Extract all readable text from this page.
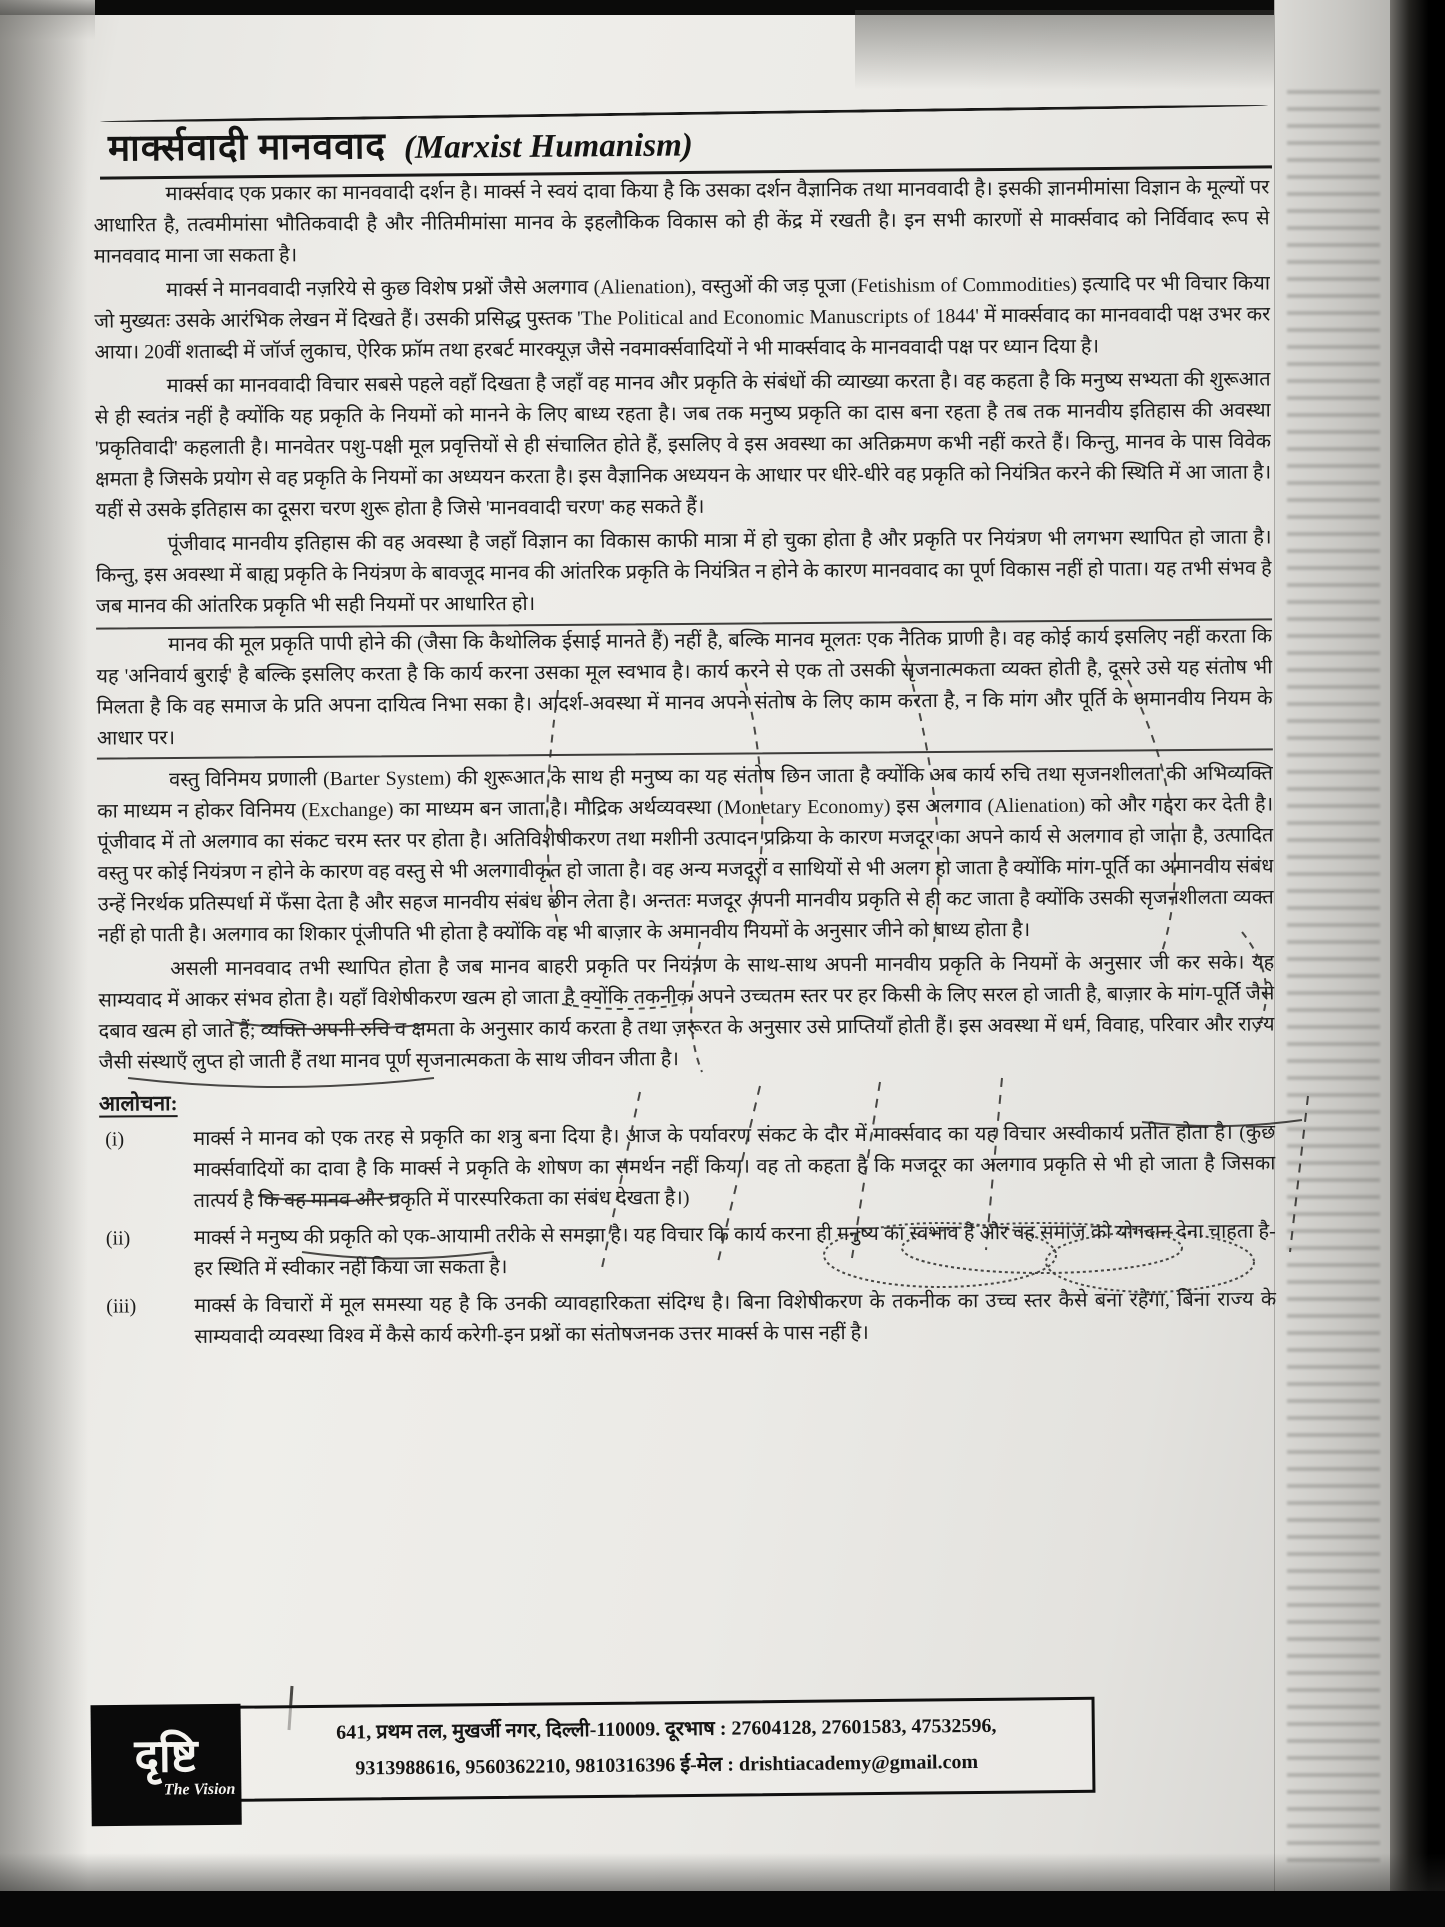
मार्क्सवादी मानववाद (Marxist Humanism)

मार्क्सवाद एक प्रकार का मानववादी दर्शन है। मार्क्स ने स्वयं दावा किया है कि उसका दर्शन वैज्ञानिक तथा मानववादी है। इसकी ज्ञानमीमांसा विज्ञान के मूल्यों पर आधारित है, तत्वमीमांसा भौतिकवादी है और नीतिमीमांसा मानव के इहलौकिक विकास को ही केंद्र में रखती है। इन सभी कारणों से मार्क्सवाद को निर्विवाद रूप से मानववाद माना जा सकता है।

मार्क्स ने मानववादी नज़रिये से कुछ विशेष प्रश्नों जैसे अलगाव (Alienation), वस्तुओं की जड़ पूजा (Fetishism of Commodities) इत्यादि पर भी विचार किया जो मुख्यतः उसके आरंभिक लेखन में दिखते हैं। उसकी प्रसिद्ध पुस्तक 'The Political and Economic Manuscripts of 1844' में मार्क्सवाद का मानववादी पक्ष उभर कर आया। 20वीं शताब्दी में जॉर्ज लुकाच, ऐरिक फ्रॉम तथा हरबर्ट मारक्यूज़ जैसे नवमार्क्सवादियों ने भी मार्क्सवाद के मानववादी पक्ष पर ध्यान दिया है।

मार्क्स का मानववादी विचार सबसे पहले वहाँ दिखता है जहाँ वह मानव और प्रकृति के संबंधों की व्याख्या करता है। वह कहता है कि मनुष्य सभ्यता की शुरूआत से ही स्वतंत्र नहीं है क्योंकि यह प्रकृति के नियमों को मानने के लिए बाध्य रहता है। जब तक मनुष्य प्रकृति का दास बना रहता है तब तक मानवीय इतिहास की अवस्था 'प्रकृतिवादी' कहलाती है। मानवेतर पशु-पक्षी मूल प्रवृत्तियों से ही संचालित होते हैं, इसलिए वे इस अवस्था का अतिक्रमण कभी नहीं करते हैं। किन्तु, मानव के पास विवेक क्षमता है जिसके प्रयोग से वह प्रकृति के नियमों का अध्ययन करता है। इस वैज्ञानिक अध्ययन के आधार पर धीरे-धीरे वह प्रकृति को नियंत्रित करने की स्थिति में आ जाता है। यहीं से उसके इतिहास का दूसरा चरण शुरू होता है जिसे 'मानववादी चरण' कह सकते हैं।

पूंजीवाद मानवीय इतिहास की वह अवस्था है जहाँ विज्ञान का विकास काफी मात्रा में हो चुका होता है और प्रकृति पर नियंत्रण भी लगभग स्थापित हो जाता है। किन्तु, इस अवस्था में बाह्य प्रकृति के नियंत्रण के बावजूद मानव की आंतरिक प्रकृति के नियंत्रित न होने के कारण मानववाद का पूर्ण विकास नहीं हो पाता। यह तभी संभव है जब मानव की आंतरिक प्रकृति भी सही नियमों पर आधारित हो।

मानव की मूल प्रकृति पापी होने की (जैसा कि कैथोलिक ईसाई मानते हैं) नहीं है, बल्कि मानव मूलतः एक नैतिक प्राणी है। वह कोई कार्य इसलिए नहीं करता कि यह 'अनिवार्य बुराई' है बल्कि इसलिए करता है कि कार्य करना उसका मूल स्वभाव है। कार्य करने से एक तो उसकी सृजनात्मकता व्यक्त होती है, दूसरे उसे यह संतोष भी मिलता है कि वह समाज के प्रति अपना दायित्व निभा सका है। आदर्श-अवस्था में मानव अपने संतोष के लिए काम करता है, न कि मांग और पूर्ति के अमानवीय नियम के आधार पर।

वस्तु विनिमय प्रणाली (Barter System) की शुरूआत के साथ ही मनुष्य का यह संतोष छिन जाता है क्योंकि अब कार्य रुचि तथा सृजनशीलता की अभिव्यक्ति का माध्यम न होकर विनिमय (Exchange) का माध्यम बन जाता है। मौद्रिक अर्थव्यवस्था (Monetary Economy) इस अलगाव (Alienation) को और गहरा कर देती है। पूंजीवाद में तो अलगाव का संकट चरम स्तर पर होता है। अतिविशेषीकरण तथा मशीनी उत्पादन प्रक्रिया के कारण मजदूर का अपने कार्य से अलगाव हो जाता है, उत्पादित वस्तु पर कोई नियंत्रण न होने के कारण वह वस्तु से भी अलगावीकृत हो जाता है। वह अन्य मजदूरों व साथियों से भी अलग हो जाता है क्योंकि मांग-पूर्ति का अमानवीय संबंध उन्हें निरर्थक प्रतिस्पर्धा में फँसा देता है और सहज मानवीय संबंध छीन लेता है। अन्ततः मजदूर अपनी मानवीय प्रकृति से ही कट जाता है क्योंकि उसकी सृजनशीलता व्यक्त नहीं हो पाती है। अलगाव का शिकार पूंजीपति भी होता है क्योंकि वह भी बाज़ार के अमानवीय नियमों के अनुसार जीने को बाध्य होता है।

असली मानववाद तभी स्थापित होता है जब मानव बाहरी प्रकृति पर नियंत्रण के साथ-साथ अपनी मानवीय प्रकृति के नियमों के अनुसार जी कर सके। यह साम्यवाद में आकर संभव होता है। यहाँ विशेषीकरण खत्म हो जाता है क्योंकि तकनीक अपने उच्चतम स्तर पर हर किसी के लिए सरल हो जाती है, बाज़ार के मांग-पूर्ति जैसे दबाव खत्म हो जाते हैं; व्यक्ति अपनी रुचि व क्षमता के अनुसार कार्य करता है तथा ज़रूरत के अनुसार उसे प्राप्तियाँ होती हैं। इस अवस्था में धर्म, विवाह, परिवार और राज्य जैसी संस्थाएँ लुप्त हो जाती हैं तथा मानव पूर्ण सृजनात्मकता के साथ जीवन जीता है।

आलोचना:
(i)	मार्क्स ने मानव को एक तरह से प्रकृति का शत्रु बना दिया है। आज के पर्यावरण संकट के दौर में मार्क्सवाद का यह विचार अस्वीकार्य प्रतीत होता है। (कुछ मार्क्सवादियों का दावा है कि मार्क्स ने प्रकृति के शोषण का समर्थन नहीं किया। वह तो कहता है कि मजदूर का अलगाव प्रकृति से भी हो जाता है जिसका तात्पर्य है कि वह मानव और प्रकृति में पारस्परिकता का संबंध देखता है।)
(ii)	मार्क्स ने मनुष्य की प्रकृति को एक-आयामी तरीके से समझा है। यह विचार कि कार्य करना ही मनुष्य का स्वभाव है और वह समाज को योगदान देना चाहता है- हर स्थिति में स्वीकार नहीं किया जा सकता है।
(iii)	मार्क्स के विचारों में मूल समस्या यह है कि उनकी व्यावहारिकता संदिग्ध है। बिना विशेषीकरण के तकनीक का उच्च स्तर कैसे बना रहेगा, बिना राज्य के साम्यवादी व्यवस्था विश्व में कैसे कार्य करेगी-इन प्रश्नों का संतोषजनक उत्तर मार्क्स के पास नहीं है।
दृष्टि
The Vision
641, प्रथम तल, मुखर्जी नगर, दिल्ली-110009. दूरभाष : 27604128, 27601583, 47532596,
9313988616, 9560362210, 9810316396 ई-मेल : drishtiacademy@gmail.com
